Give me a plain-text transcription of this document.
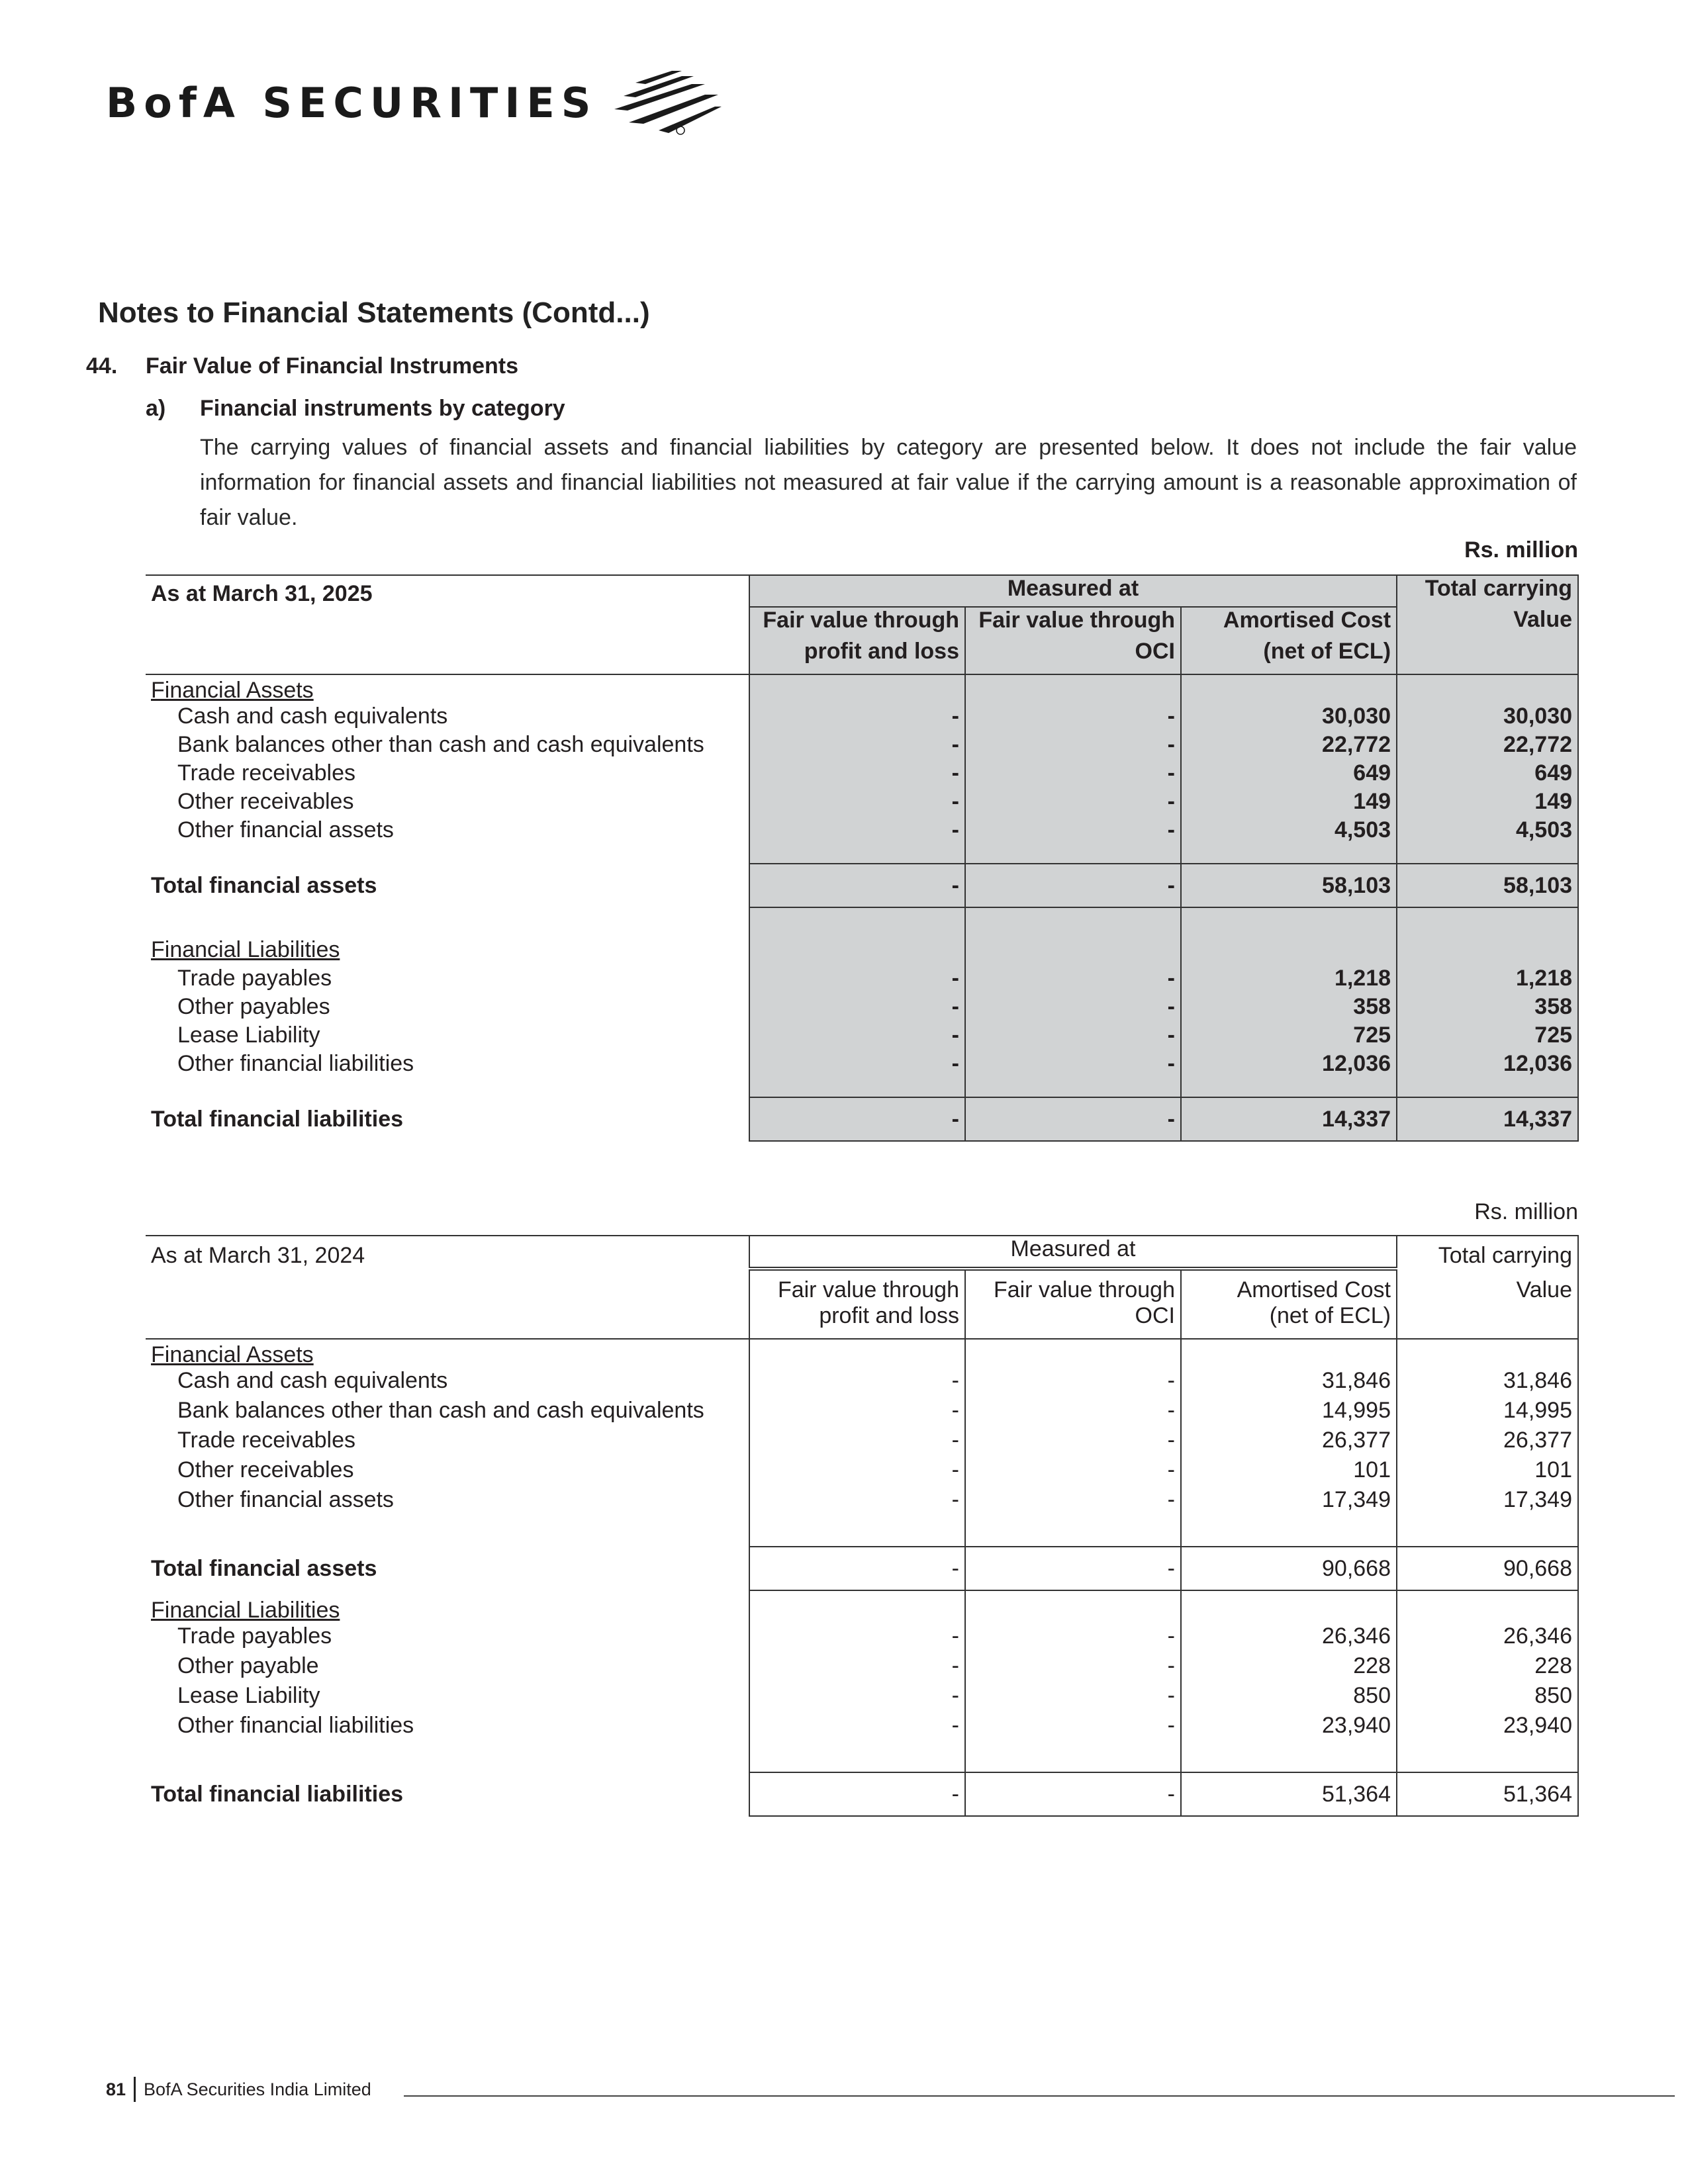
BofA SECURITIES
Notes to Financial Statements (Contd...)
44. Fair Value of Financial Instruments
a) Financial instruments by category
The carrying values of financial assets and financial liabilities by category are presented below. It does not include the fair value information for financial assets and financial liabilities not measured at fair value if the carrying amount is a reasonable approximation of fair value.
Rs. million
As at March 31, 2025	Measured at			Total carrying
	Fair value through	Fair value through	Amortised Cost	Value
	profit and loss	OCI	(net of ECL)	
Financial Assets				
Cash and cash equivalents	-	-	30,030	30,030
Bank balances other than cash and cash equivalents	-	-	22,772	22,772
Trade receivables	-	-	649	649
Other receivables	-	-	149	149
Other financial assets	-	-	4,503	4,503

Total financial assets	-	-	58,103	58,103

Financial Liabilities				
Trade payables	-	-	1,218	1,218
Other payables	-	-	358	358
Lease Liability	-	-	725	725
Other financial liabilities	-	-	12,036	12,036

Total financial liabilities	-	-	14,337	14,337
Rs. million
As at March 31, 2024	Measured at			Total carrying
	Fair value through	Fair value through	Amortised Cost	Value
	profit and loss	OCI	(net of ECL)	
Financial Assets				
Cash and cash equivalents	-	-	31,846	31,846
Bank balances other than cash and cash equivalents	-	-	14,995	14,995
Trade receivables	-	-	26,377	26,377
Other receivables	-	-	101	101
Other financial assets	-	-	17,349	17,349

Total financial assets	-	-	90,668	90,668
Financial Liabilities				
Trade payables	-	-	26,346	26,346
Other payable	-	-	228	228
Lease Liability	-	-	850	850
Other financial liabilities	-	-	23,940	23,940

Total financial liabilities	-	-	51,364	51,364
81 BofA Securities India Limited
